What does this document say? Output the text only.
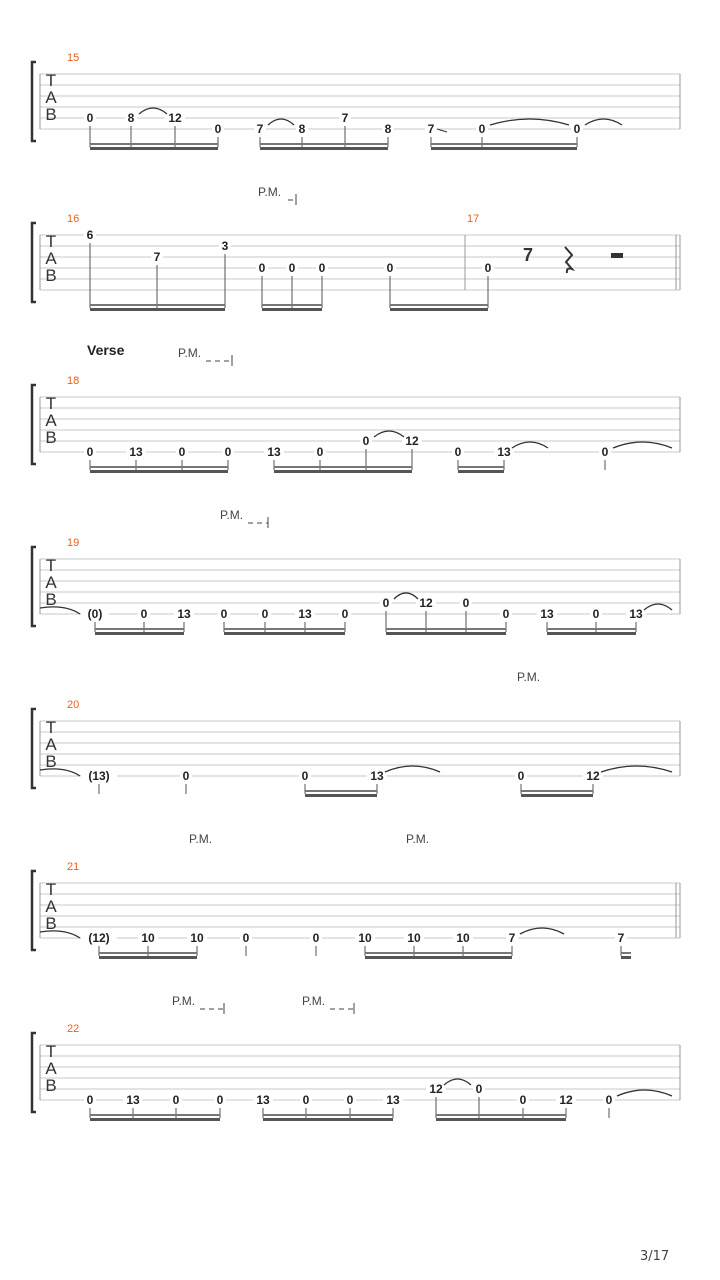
T
A
B
15
0	8	12
0	7	8
7
8	7	0	0
T
A
B
16	17
P.M.
6
7
3
0 0 0	0	0
T
A
B
18
Verse	P.M.
0	13	0	0	13	0
0	12
0	13	0
T
A
B
19
P.M.
(0)	0 13 0	0 13 0
0 12 0
0	13	0 13
T
A
B
20
P.M.
(13)	0	0	13	0	12
T
A
B
21
P.M.	P.M.
(12)	10	10	0	0	10	10	10	7	7
T
A
B
22
P.M.	P.M.
0	13	0	0	13	0	0	13
12	0
0	12	0
7
3/17
